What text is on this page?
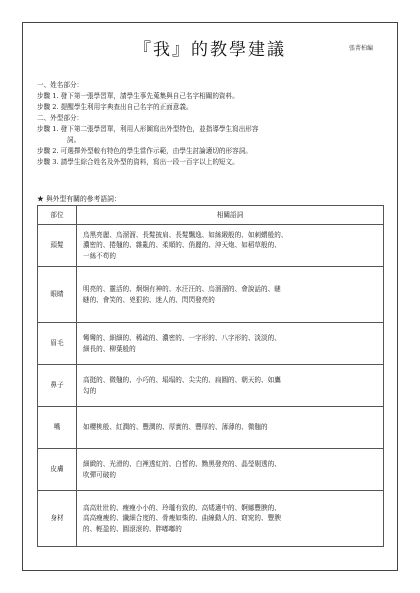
『我』的教學建議	張菁柏編

一、姓名部分：

步驟 1. 發下第一張學習單，請學生事先蒐集與自己名字相關的資料。

步驟 2. 提醒學生利用字典查出自己名字的正面意義。

二、外型部分：

步驟 1. 發下第二張學習單，利用人形圖寫出外型特色，並指導學生寫出形容

詞。

步驟 2. 可選擇外型較有特色的學生當作示範，由學生討論適切的形容詞。

步驟 3. 請學生綜合姓名及外型的資料，寫出一段一百字以上的短文。

★ 與外型有關的參考語詞：
部位	相關語詞
頭髮	烏黑亮麗、烏溜溜、長髮披肩、長髮飄逸、如絲緞般的、如刺蝟般的、
濃密的、捲翹的、雜亂的、柔順的、俏麗的、沖天炮、如稻草般的、
一絲不苟的

眼睛	明亮的、靈活的、炯炯有神的、水汪汪的、烏溜溜的、會說話的、瞇
瞇的、會笑的、兇狠的、迷人的、閃閃發亮的

眉毛	彎彎的、細細的、稀疏的、濃密的、一字形的、八字形的、淡淡的、
細長的、柳葉般的

鼻子	高挺的、微翹的、小巧的、塌塌的、尖尖的、扁圓的、朝天的、如鷹
勾的

嘴	如櫻桃般、紅潤的、豐潤的、厚實的、豐厚的、薄薄的、微翹的

皮膚	細緻的、光滑的、白裡透紅的、白皙的、黝黑發亮的、晶瑩剔透的、
吹彈可破的

身材	高高壯壯的、瘦瘦小小的、玲瓏有致的、高矮適中的、婀娜豐腴的、
高高瘦瘦的、纖細合度的、骨瘦如柴的、曲線動人的、窈窕的、豐腴
的、輕盈的、圓滾滾的、胖嘟嘟的
